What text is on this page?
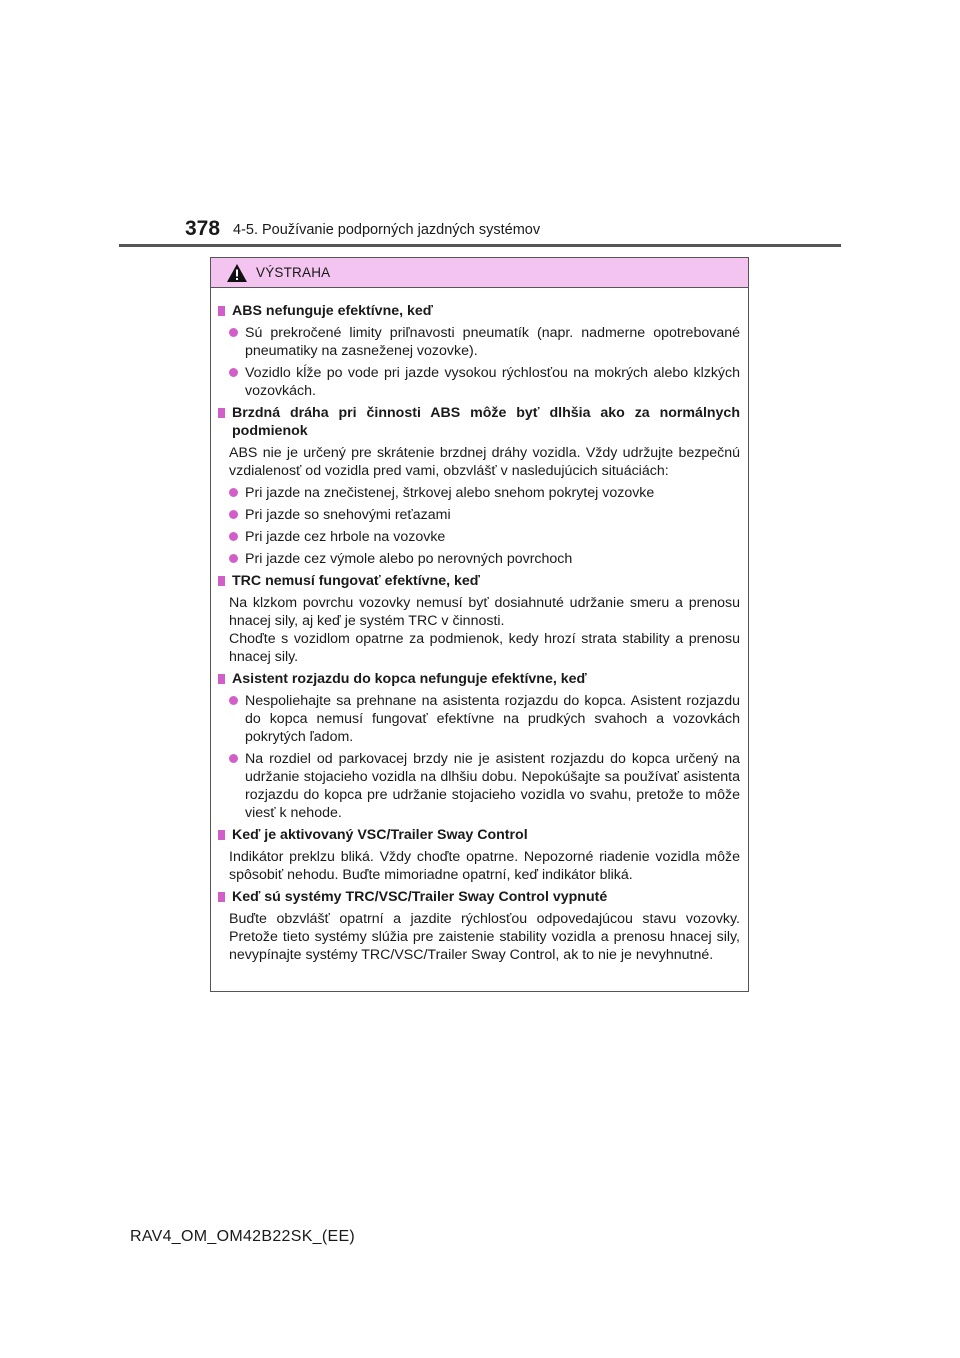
378 4-5. Používanie podporných jazdných systémov
VÝSTRAHA
ABS nefunguje efektívne, keď
Sú prekročené limity priľnavosti pneumatík (napr. nadmerne opotrebované pneumatiky na zasneženej vozovke).
Vozidlo kĺže po vode pri jazde vysokou rýchlosťou na mokrých alebo klzkých vozovkách.
Brzdná dráha pri činnosti ABS môže byť dlhšia ako za normálnych podmienok
ABS nie je určený pre skrátenie brzdnej dráhy vozidla. Vždy udržujte bezpečnú vzdialenosť od vozidla pred vami, obzvlášť v nasledujúcich situáciách:
Pri jazde na znečistenej, štrkovej alebo snehom pokrytej vozovke
Pri jazde so snehovými reťazami
Pri jazde cez hrbole na vozovke
Pri jazde cez výmole alebo po nerovných povrchoch
TRC nemusí fungovať efektívne, keď
Na klzkom povrchu vozovky nemusí byť dosiahnuté udržanie smeru a prenosu hnacej sily, aj keď je systém TRC v činnosti.
Choďte s vozidlom opatrne za podmienok, kedy hrozí strata stability a prenosu hnacej sily.
Asistent rozjazdu do kopca nefunguje efektívne, keď
Nespoliehajte sa prehnane na asistenta rozjazdu do kopca. Asistent rozjazdu do kopca nemusí fungovať efektívne na prudkých svahoch a vozovkách pokrytých ľadom.
Na rozdiel od parkovacej brzdy nie je asistent rozjazdu do kopca určený na udržanie stojacieho vozidla na dlhšiu dobu. Nepokúšajte sa používať asistenta rozjazdu do kopca pre udržanie stojacieho vozidla vo svahu, pretože to môže viesť k nehode.
Keď je aktivovaný VSC/Trailer Sway Control
Indikátor preklzu bliká. Vždy choďte opatrne. Nepozorné riadenie vozidla môže spôsobiť nehodu. Buďte mimoriadne opatrní, keď indikátor bliká.
Keď sú systémy TRC/VSC/Trailer Sway Control vypnuté
Buďte obzvlášť opatrní a jazdite rýchlosťou odpovedajúcou stavu vozovky. Pretože tieto systémy slúžia pre zaistenie stability vozidla a prenosu hnacej sily, nevypínajte systémy TRC/VSC/Trailer Sway Control, ak to nie je nevyhnutné.
RAV4_OM_OM42B22SK_(EE)
